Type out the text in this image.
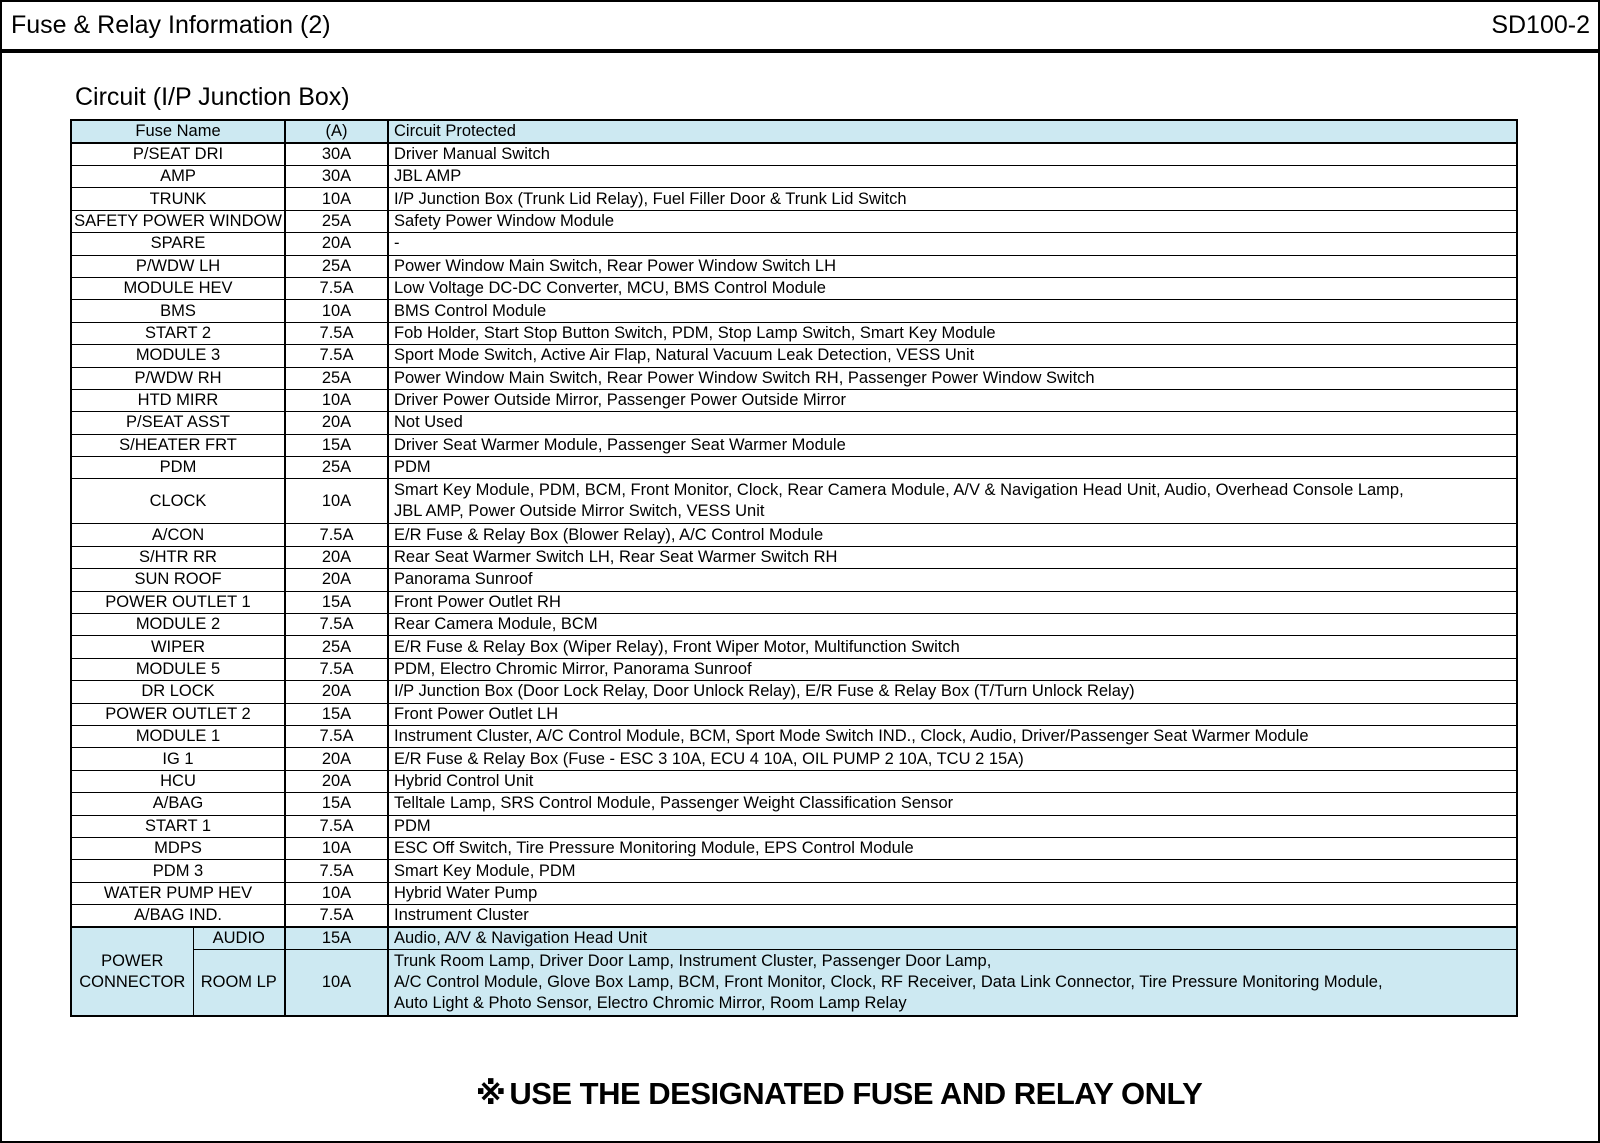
Fuse & Relay Information (2)	SD100-2
Circuit (I/P Junction Box)
Fuse Name		(A)	Circuit Protected
P/SEAT DRI		30A	Driver Manual Switch
AMP		30A	JBL AMP
TRUNK		10A	I/P Junction Box (Trunk Lid Relay), Fuel Filler Door & Trunk Lid Switch
SAFETY POWER WINDOW		25A	Safety Power Window Module
SPARE		20A	-
P/WDW LH		25A	Power Window Main Switch, Rear Power Window Switch LH
MODULE HEV		7.5A	Low Voltage DC-DC Converter, MCU, BMS Control Module
BMS		10A	BMS Control Module
START 2		7.5A	Fob Holder, Start Stop Button Switch, PDM, Stop Lamp Switch, Smart Key Module
MODULE 3		7.5A	Sport Mode Switch, Active Air Flap, Natural Vacuum Leak Detection, VESS Unit
P/WDW RH		25A	Power Window Main Switch, Rear Power Window Switch RH, Passenger Power Window Switch
HTD MIRR		10A	Driver Power Outside Mirror, Passenger Power Outside Mirror
P/SEAT ASST		20A	Not Used
S/HEATER FRT		15A	Driver Seat Warmer Module, Passenger Seat Warmer Module
PDM		25A	PDM
CLOCK		10A	Smart Key Module, PDM, BCM, Front Monitor, Clock, Rear Camera Module, A/V & Navigation Head Unit, Audio, Overhead Console Lamp,
JBL AMP, Power Outside Mirror Switch, VESS Unit

A/CON		7.5A	E/R Fuse & Relay Box (Blower Relay), A/C Control Module
S/HTR RR		20A	Rear Seat Warmer Switch LH, Rear Seat Warmer Switch RH
SUN ROOF		20A	Panorama Sunroof
POWER OUTLET 1		15A	Front Power Outlet RH
MODULE 2		7.5A	Rear Camera Module, BCM
WIPER		25A	E/R Fuse & Relay Box (Wiper Relay), Front Wiper Motor, Multifunction Switch
MODULE 5		7.5A	PDM, Electro Chromic Mirror, Panorama Sunroof
DR LOCK		20A	I/P Junction Box (Door Lock Relay, Door Unlock Relay), E/R Fuse & Relay Box (T/Turn Unlock Relay)
POWER OUTLET 2		15A	Front Power Outlet LH
MODULE 1		7.5A	Instrument Cluster, A/C Control Module, BCM, Sport Mode Switch IND., Clock, Audio, Driver/Passenger Seat Warmer Module
IG 1		20A	E/R Fuse & Relay Box (Fuse - ESC 3 10A, ECU 4 10A, OIL PUMP 2 10A, TCU 2 15A)
HCU		20A	Hybrid Control Unit
A/BAG		15A	Telltale Lamp, SRS Control Module, Passenger Weight Classification Sensor
START 1		7.5A	PDM
MDPS		10A	ESC Off Switch, Tire Pressure Monitoring Module, EPS Control Module
PDM 3		7.5A	Smart Key Module, PDM
WATER PUMP HEV		10A	Hybrid Water Pump
A/BAG IND.		7.5A	Instrument Cluster

POWER
CONNECTOR	AUDIO	15A	Audio, A/V & Navigation Head Unit
	ROOM LP	10A	Trunk Room Lamp, Driver Door Lamp, Instrument Cluster, Passenger Door Lamp,
A/C Control Module, Glove Box Lamp, BCM, Front Monitor, Clock, RF Receiver, Data Link Connector, Tire Pressure Monitoring Module,
Auto Light & Photo Sensor, Electro Chromic Mirror, Room Lamp Relay
※ USE THE DESIGNATED FUSE AND RELAY ONLY
